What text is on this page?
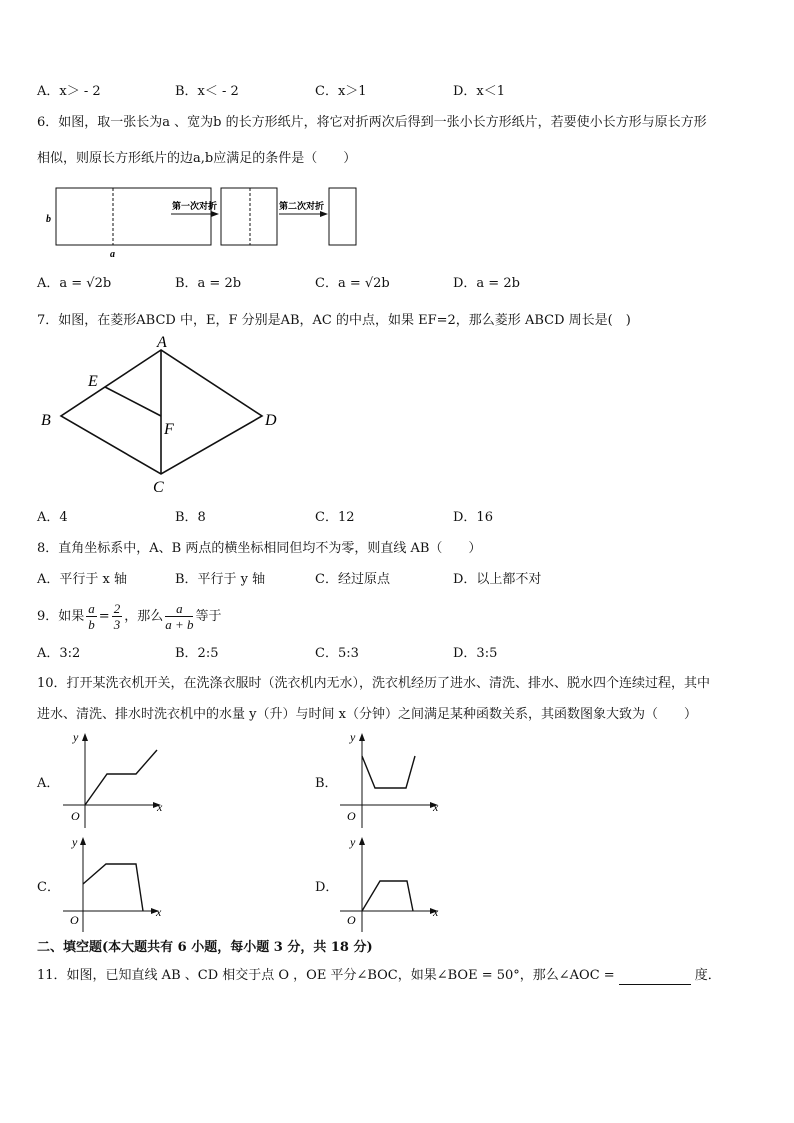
A．x＞ - 2	B．x＜ - 2	C．x＞1	D．x＜1
6．如图，取一张长为a 、宽为b 的长方形纸片，将它对折两次后得到一张小长方形纸片，若要使小长方形与原长方形
相似，则原长方形纸片的边a,b应满足的条件是（　　）
b
a
第一次对折	第二次对折
A．a = √2b	B．a = 2b	C．a = √2b	D．a = 2b
7．如图，在菱形ABCD 中，E，F 分别是AB，AC 的中点，如果 EF=2，那么菱形 ABCD 周长是(　)
A
B
C
D
E
F
A．4	B．8	C．12	D．16
8．直角坐标系中，A、B 两点的横坐标相同但均不为零，则直线 AB（　　）
A．平行于 x 轴	B．平行于 y 轴	C．经过原点	D．以上都不对
9．如果 $\frac{a}{b} = \frac{2}{3}$ ，那么 $\frac{a}{a + b}$ 等于
A．3:2	B．2:5	C．5:3	D．3:5
10．打开某洗衣机开关，在洗涤衣服时（洗衣机内无水），洗衣机经历了进水、清洗、排水、脱水四个连续过程，其中
进水、清洗、排水时洗衣机中的水量 y（升）与时间 x（分钟）之间满足某种函数关系，其函数图象大致为（　　）
A．	B．
C．	D．
y
x
O
y
x
O
y
x
O
y
x
O
二、填空题(本大题共有 6 小题，每小题 3 分，共 18 分)
11．如图，已知直线 AB 、CD 相交于点 O ，OE 平分∠BOC，如果∠BOE = 50°，那么∠AOC =	度．
